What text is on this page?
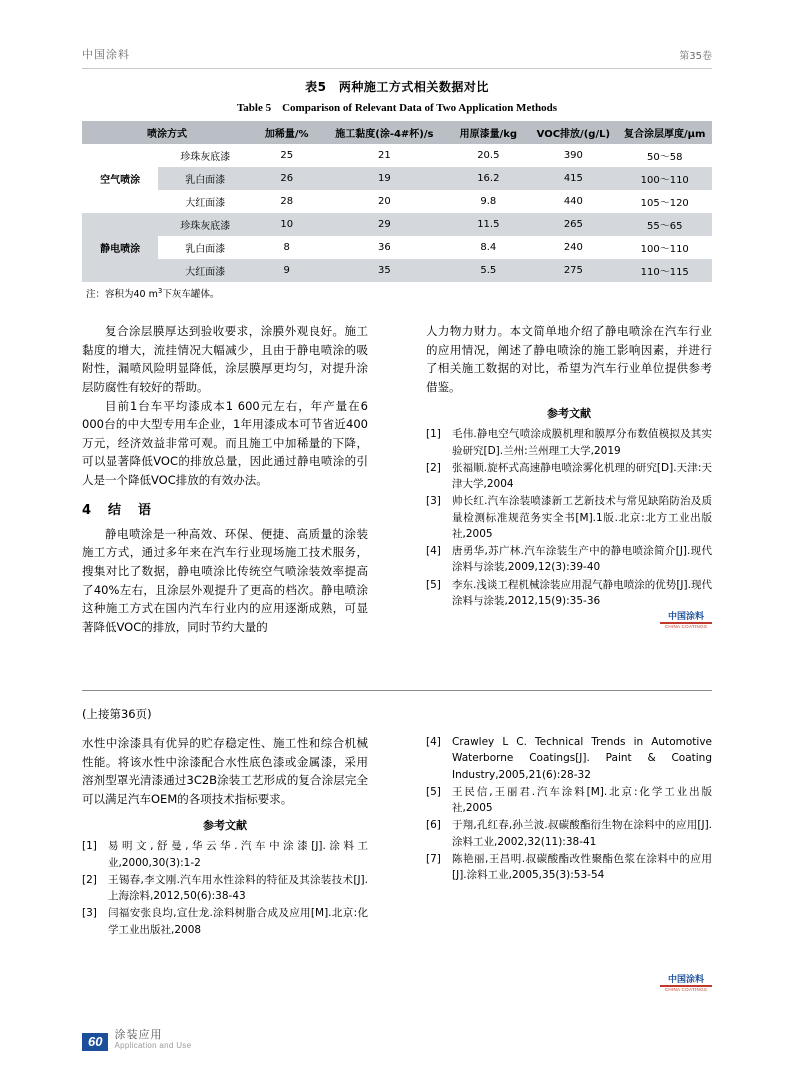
中国涂料	第35卷
表5　两种施工方式相关数据对比
Table 5　Comparison of Relevant Data of Two Application Methods
喷涂方式		加稀量/%	施工黏度(涂-4#杯)/s	用原漆量/kg	VOC排放/(g/L)	复合涂层厚度/μm
空气喷涂	珍珠灰底漆	25	21	20.5	390	50～58
	乳白面漆	26	19	16.2	415	100～110
	大红面漆	28	20	9.8	440	105～120
静电喷涂	珍珠灰底漆	10	29	11.5	265	55～65
	乳白面漆	8	36	8.4	240	100～110
	大红面漆	9	35	5.5	275	110～115
注：容积为40 $m^3$下灰车罐体。

复合涂层膜厚达到验收要求，涂膜外观良好。施工黏度的增大，流挂情况大幅减少，且由于静电喷涂的吸附性，漏喷风险明显降低，涂层膜厚更均匀，对提升涂层防腐性有较好的帮助。

目前1台车平均漆成本1 600元左右，年产量在6 000台的中大型专用车企业，1年用漆成本可节省近400万元，经济效益非常可观。而且施工中加稀量的下降，可以显著降低VOC的排放总量，因此通过静电喷涂的引人是一个降低VOC排放的有效办法。

4　结　语

静电喷涂是一种高效、环保、便捷、高质量的涂装施工方式，通过多年来在汽车行业现场施工技术服务，搜集对比了数据，静电喷涂比传统空气喷涂装效率提高了40%左右，且涂层外观提升了更高的档次。静电喷涂这种施工方式在国内汽车行业内的应用逐渐成熟，可显著降低VOC的排放，同时节约大量的

人力物力财力。本文简单地介绍了静电喷涂在汽车行业的应用情况，阐述了静电喷涂的施工影响因素，并进行了相关施工数据的对比，希望为汽车行业单位提供参考借鉴。

参考文献
[1] 毛伟.静电空气喷涂成膜机理和膜厚分布数值模拟及其实验研究[D].兰州:兰州理工大学,2019
[2] 张福顺.旋杯式高速静电喷涂雾化机理的研究[D].天津:天津大学,2004
[3] 帅长红.汽车涂装喷漆新工艺新技术与常见缺陷防治及质量检测标准规范务实全书[M].1版.北京:北方工业出版社,2005
[4] 唐勇华,苏广林.汽车涂装生产中的静电喷涂简介[J].现代涂料与涂装,2009,12(3):39-40
[5] 李东.浅谈工程机械涂装应用混气静电喷涂的优势[J].现代涂料与涂装,2012,15(9):35-36
中国涂料
CHINA COATINGS
(上接第36页)

水性中涂漆具有优异的贮存稳定性、施工性和综合机械性能。将该水性中涂漆配合水性底色漆或金属漆，采用溶剂型罩光清漆通过3C2B涂装工艺形成的复合涂层完全可以满足汽车OEM的各项技术指标要求。

参考文献
[1] 易明文,舒曼,华云华.汽车中涂漆[J].涂料工业,2000,30(3):1-2
[2] 王锡春,李文刚.汽车用水性涂料的特征及其涂装技术[J].上海涂料,2012,50(6):38-43
[3] 闫福安张良均,宣仕龙.涂料树脂合成及应用[M].北京:化学工业出版社,2008
[4] Crawley L C. Technical Trends in Automotive Waterborne Coatings[J]. Paint & Coating Industry,2005,21(6):28-32
[5] 王民信,王丽君.汽车涂料[M].北京:化学工业出版社,2005
[6] 于翔,孔红春,孙兰波.叔碳酸酯衍生物在涂料中的应用[J].涂料工业,2002,32(11):38-41
[7] 陈艳丽,王昌明.叔碳酸酯改性聚酯色浆在涂料中的应用[J].涂料工业,2005,35(3):53-54
中国涂料
CHINA COATINGS
60	涂装应用
Application and Use
